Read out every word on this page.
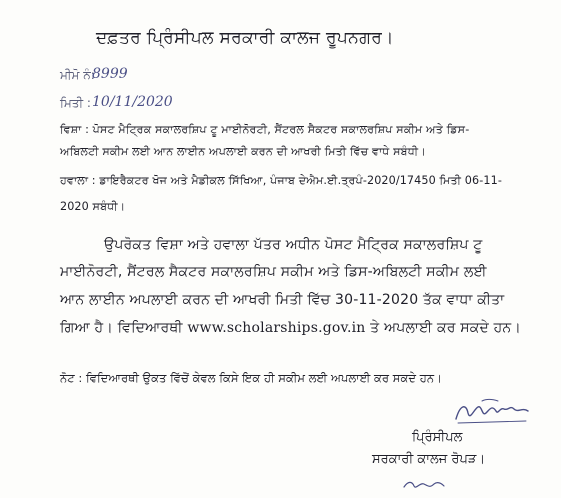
ਦਫ਼ਤਰ ਪ੍ਰਿੰਸੀਪਲ ਸਰਕਾਰੀ ਕਾਲਜ ਰੂਪਨਗਰ।
ਮੀਮੋ ਨੰ:
8999
ਮਿਤੀ : 10/11/2020
ਵਿਸ਼ਾ : ਪੋਸਟ ਮੈਟ੍ਰਿਕ ਸਕਾਲਰਸ਼ਿਪ ਟੂ ਮਾਈਨੋਰਟੀ, ਸੈਂਟਰਲ ਸੈਕਟਰ ਸਕਾਲਰਸ਼ਿਪ ਸਕੀਮ ਅਤੇ ਡਿਸ-
ਅਬਿਲਟੀ ਸਕੀਮ ਲਈ ਆਨ ਲਾਈਨ ਅਪਲਾਈ ਕਰਨ ਦੀ ਆਖਰੀ ਮਿਤੀ ਵਿੱਚ ਵਾਧੇ ਸਬੰਧੀ।
ਹਵਾਲਾ : ਡਾਇਰੈਕਟਰ ਖੋਜ ਅਤੇ ਮੈਡੀਕਲ ਸਿੱਖਿਆ, ਪੰਜਾਬ ਦੇਐਮ.ਈ.ਤ੍ਰਪੰ-2020/17450 ਮਿਤੀ 06-11-
2020 ਸਬੰਧੀ।
ਉਪਰੋਕਤ ਵਿਸ਼ਾ ਅਤੇ ਹਵਾਲਾ ਪੱਤਰ ਅਧੀਨ ਪੋਸਟ ਮੈਟ੍ਰਿਕ ਸਕਾਲਰਸ਼ਿਪ ਟੂ
ਮਾਈਨੋਰਟੀ, ਸੈਂਟਰਲ ਸੈਕਟਰ ਸਕਾਲਰਸ਼ਿਪ ਸਕੀਮ ਅਤੇ ਡਿਸ-ਅਬਿਲਟੀ ਸਕੀਮ ਲਈ
ਆਨ ਲਾਈਨ ਅਪਲਾਈ ਕਰਨ ਦੀ ਆਖਰੀ ਮਿਤੀ ਵਿੱਚ 30-11-2020 ਤੱਕ ਵਾਧਾ ਕੀਤਾ
ਗਿਆ ਹੈ। ਵਿਦਿਆਰਥੀ www.scholarships.gov.in ਤੇ ਅਪਲਾਈ ਕਰ ਸਕਦੇ ਹਨ।
ਨੋਟ : ਵਿਦਿਆਰਥੀ ਉਕਤ ਵਿੱਚੋਂ ਕੇਵਲ ਕਿਸੇ ਇਕ ਹੀ ਸਕੀਮ ਲਈ ਅਪਲਾਈ ਕਰ ਸਕਦੇ ਹਨ।
ਪ੍ਰਿੰਸੀਪਲ
ਸਰਕਾਰੀ ਕਾਲਜ ਰੋਪੜ।
